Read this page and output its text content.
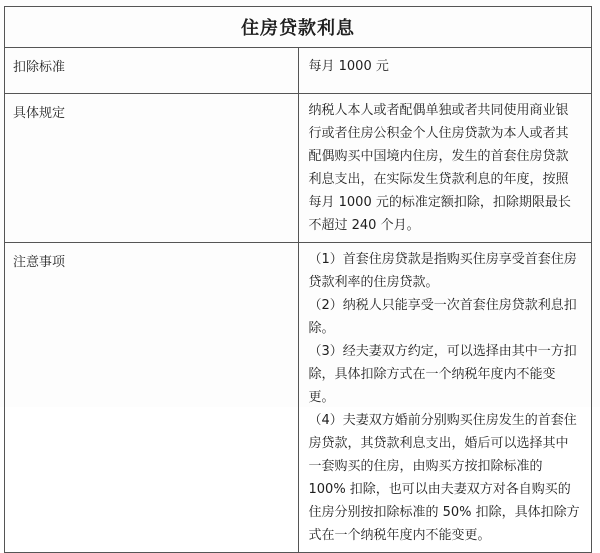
住房贷款利息	
扣除标准	每月 1000 元
具体规定	纳税人本人或者配偶单独或者共同使用商业银行或者住房公积金个人住房贷款为本人或者其配偶购买中国境内住房，发生的首套住房贷款利息支出，在实际发生贷款利息的年度，按照每月 1000 元的标准定额扣除，扣除期限最长不超过 240 个月。
注意事项	（1）首套住房贷款是指购买住房享受首套住房贷款利率的住房贷款。

（2）纳税人只能享受一次首套住房贷款利息扣除。

（3）经夫妻双方约定，可以选择由其中一方扣除，具体扣除方式在一个纳税年度内不能变更。

（4）夫妻双方婚前分别购买住房发生的首套住房贷款，其贷款利息支出，婚后可以选择其中一套购买的住房，由购买方按扣除标准的 100% 扣除，也可以由夫妻双方对各自购买的住房分别按扣除标准的 50% 扣除，具体扣除方式在一个纳税年度内不能变更。
